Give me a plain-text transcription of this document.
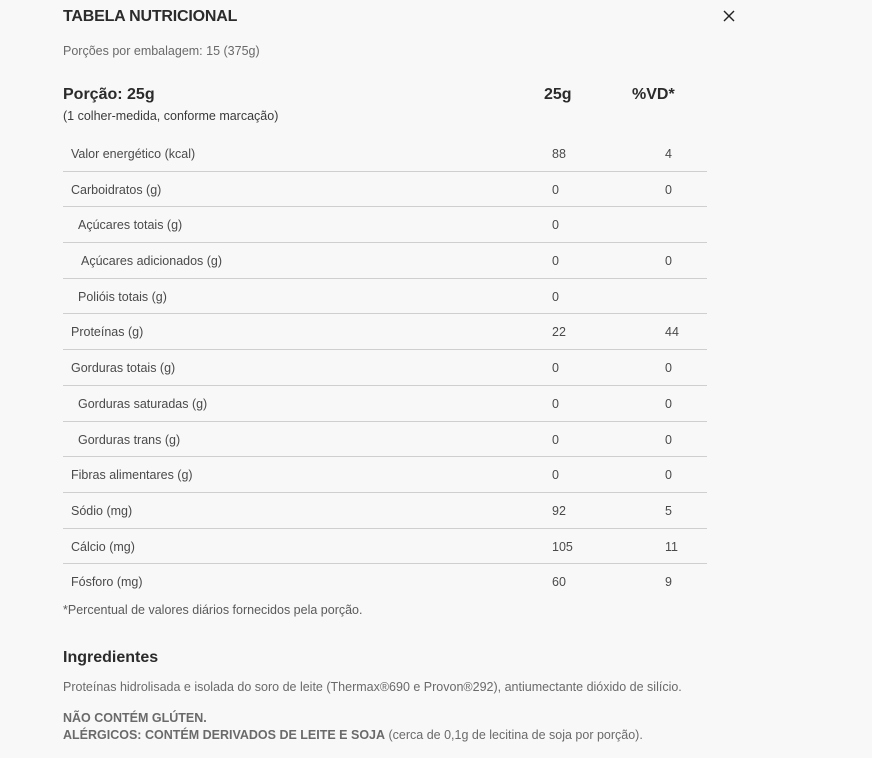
TABELA NUTRICIONAL
Porções por embalagem: 15 (375g)
Porção: 25g
(1 colher-medida, conforme marcação)
25g	%VD*
Valor energético (kcal)	88	4
Carboidratos (g)	0	0
Açúcares totais (g)	0
Açúcares adicionados (g)	0	0
Polióis totais (g)	0
Proteínas (g)	22	44
Gorduras totais (g)	0	0
Gorduras saturadas (g)	0	0
Gorduras trans (g)	0	0
Fibras alimentares (g)	0	0
Sódio (mg)	92	5
Cálcio (mg)	105	11
Fósforo (mg)	60	9
*Percentual de valores diários fornecidos pela porção.
Ingredientes
Proteínas hidrolisada e isolada do soro de leite (Thermax®690 e Provon®292), antiumectante dióxido de silício.
NÃO CONTÉM GLÚTEN.
ALÉRGICOS: CONTÉM DERIVADOS DE LEITE E SOJA (cerca de 0,1g de lecitina de soja por porção).
